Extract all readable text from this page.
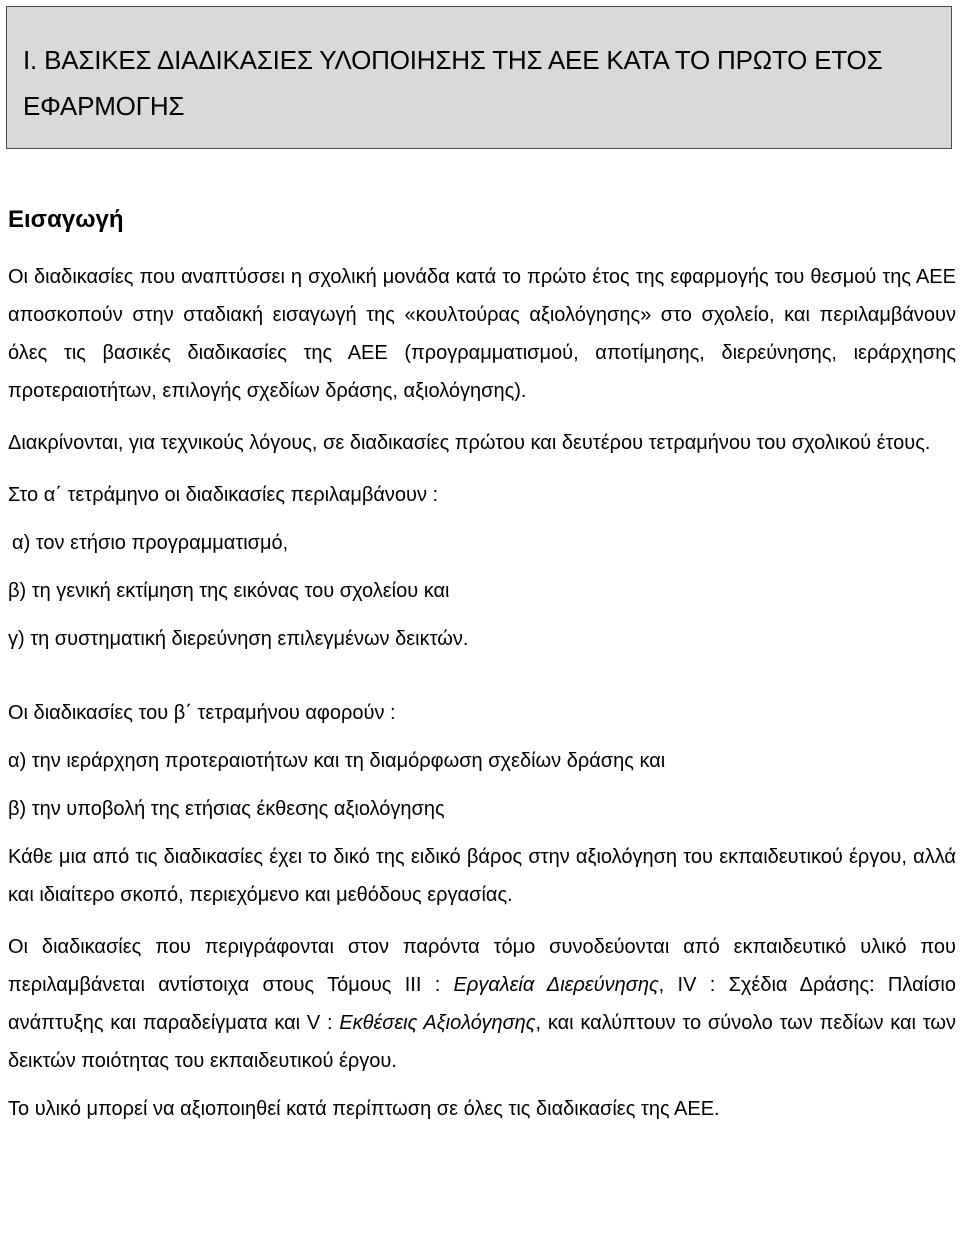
I. ΒΑΣΙΚΕΣ ΔΙΑΔΙΚΑΣΙΕΣ ΥΛΟΠΟΙΗΣΗΣ ΤΗΣ ΑΕΕ ΚΑΤΑ ΤΟ ΠΡΩΤΟ ΕΤΟΣ ΕΦΑΡΜΟΓΗΣ
Εισαγωγή

Οι διαδικασίες που αναπτύσσει η σχολική μονάδα κατά το πρώτο έτος της εφαρμογής του θεσμού της ΑΕΕ αποσκοπούν στην σταδιακή εισαγωγή της «κουλτούρας αξιολόγησης» στο σχολείο, και περιλαμβάνουν όλες τις βασικές διαδικασίες της ΑΕΕ (προγραμματισμού, αποτίμησης, διερεύνησης, ιεράρχησης προτεραιοτήτων, επιλογής σχεδίων δράσης, αξιολόγησης).

Διακρίνονται, για τεχνικούς λόγους, σε διαδικασίες πρώτου και δευτέρου τετραμήνου του σχολικού έτους.

Στο α΄ τετράμηνο οι διαδικασίες περιλαμβάνουν :

α) τον ετήσιο προγραμματισμό,

β) τη γενική εκτίμηση της εικόνας του σχολείου και

γ) τη συστηματική διερεύνηση επιλεγμένων δεικτών.

Οι διαδικασίες του β΄ τετραμήνου αφορούν :

α) την ιεράρχηση προτεραιοτήτων και τη διαμόρφωση σχεδίων δράσης και

β) την υποβολή της ετήσιας έκθεσης αξιολόγησης

Κάθε μια από τις διαδικασίες έχει το δικό της ειδικό βάρος στην αξιολόγηση του εκπαιδευτικού έργου, αλλά και ιδιαίτερο σκοπό, περιεχόμενο και μεθόδους εργασίας.

Οι διαδικασίες που περιγράφονται στον παρόντα τόμο συνοδεύονται από εκπαιδευτικό υλικό που περιλαμβάνεται αντίστοιχα στους Τόμους III : Εργαλεία Διερεύνησης, IV : Σχέδια Δράσης: Πλαίσιο ανάπτυξης και παραδείγματα και V : Εκθέσεις Αξιολόγησης, και καλύπτουν το σύνολο των πεδίων και των δεικτών ποιότητας του εκπαιδευτικού έργου.

Το υλικό μπορεί να αξιοποιηθεί κατά περίπτωση σε όλες τις διαδικασίες της ΑΕΕ.
